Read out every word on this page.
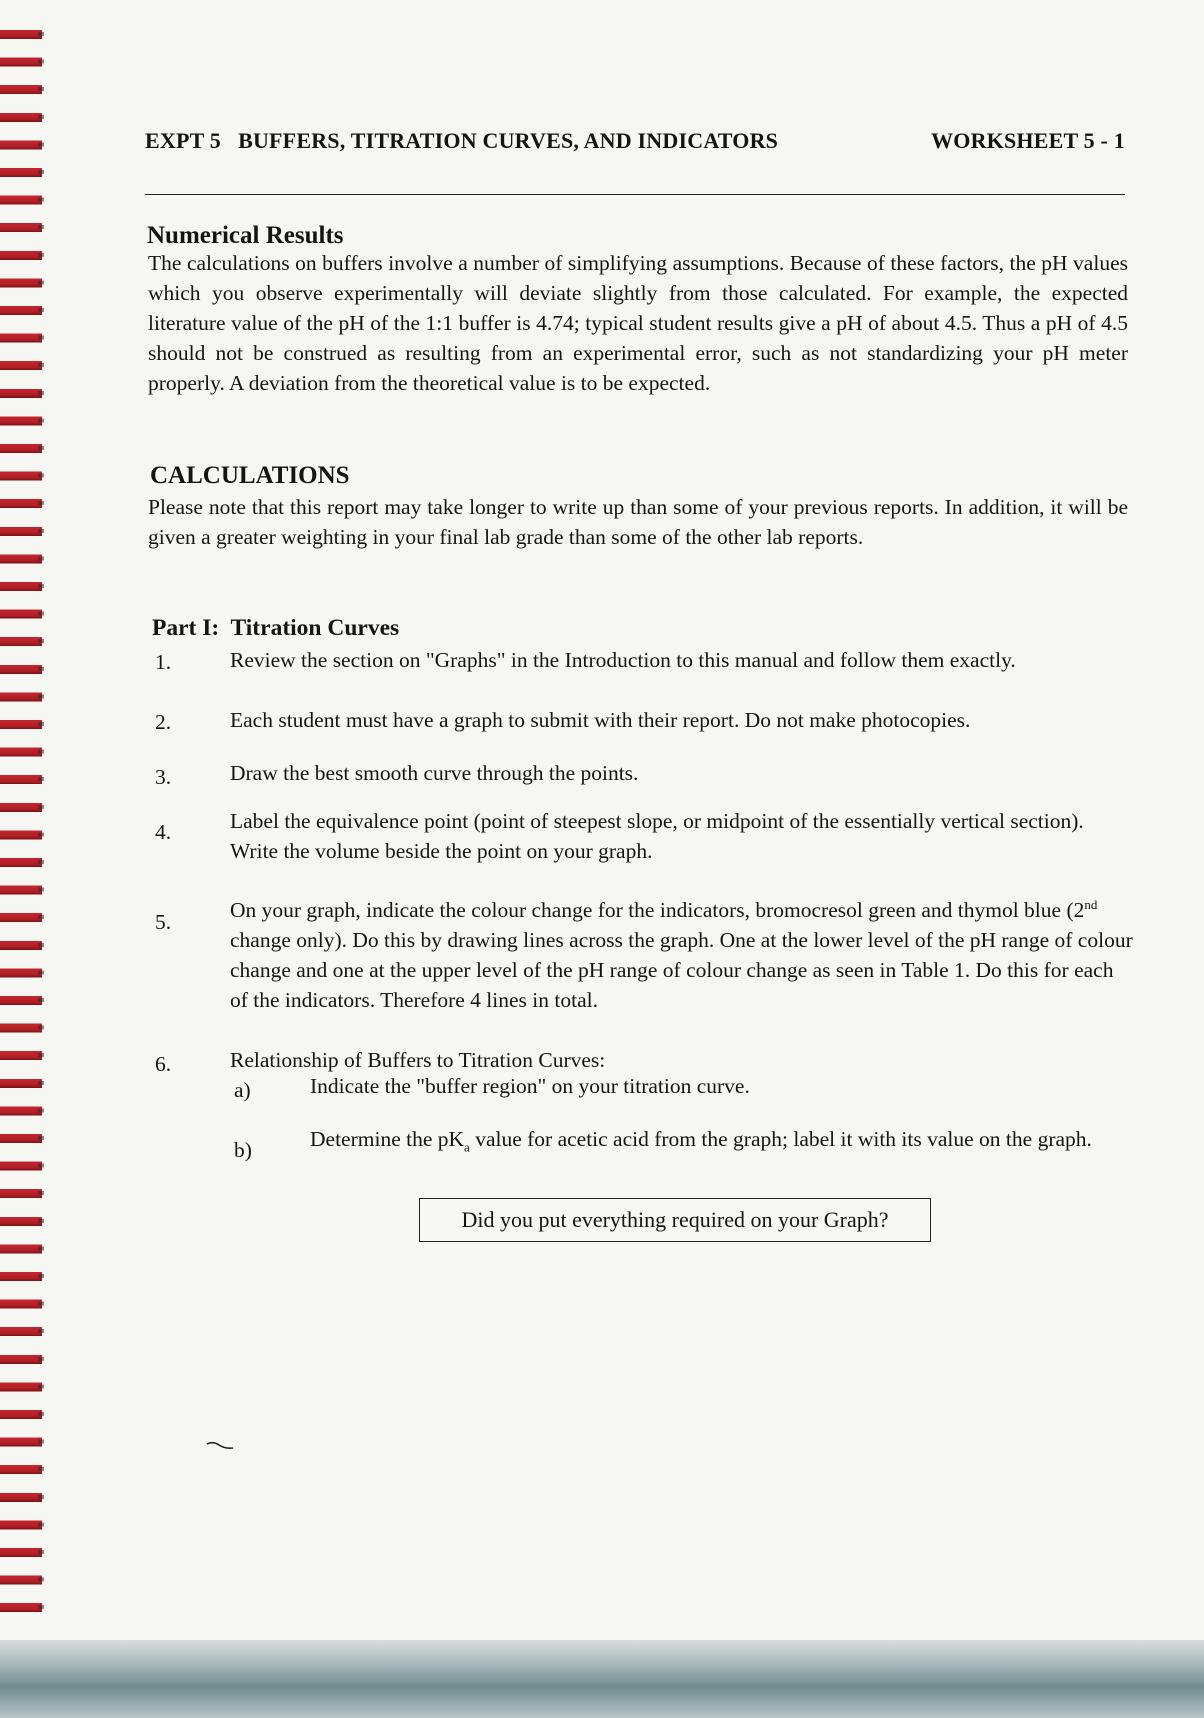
EXPT 5   BUFFERS, TITRATION CURVES, AND INDICATORS	WORKSHEET 5 - 1
Numerical Results
The calculations on buffers involve a number of simplifying assumptions. Because of these factors, the pH values which you observe experimentally will deviate slightly from those calculated. For example, the expected literature value of the pH of the 1:1 buffer is 4.74; typical student results give a pH of about 4.5. Thus a pH of 4.5 should not be construed as resulting from an experimental error, such as not standardizing your pH meter properly. A deviation from the theoretical value is to be expected.
CALCULATIONS
Please note that this report may take longer to write up than some of your previous reports. In addition, it will be given a greater weighting in your final lab grade than some of the other lab reports.
Part I:  Titration Curves
1.	Review the section on "Graphs" in the Introduction to this manual and follow them exactly.
2.	Each student must have a graph to submit with their report. Do not make photocopies.
3.	Draw the best smooth curve through the points.
4.	Label the equivalence point (point of steepest slope, or midpoint of the essentially vertical section). Write the volume beside the point on your graph.
5.	On your graph, indicate the colour change for the indicators, bromocresol green and thymol blue (2nd change only). Do this by drawing lines across the graph. One at the lower level of the pH range of colour change and one at the upper level of the pH range of colour change as seen in Table 1. Do this for each of the indicators. Therefore 4 lines in total.
6.	Relationship of Buffers to Titration Curves:
a)	Indicate the "buffer region" on your titration curve.
b)	Determine the $pK_a$ value for acetic acid from the graph; label it with its value on the graph.
Did you put everything required on your Graph?
